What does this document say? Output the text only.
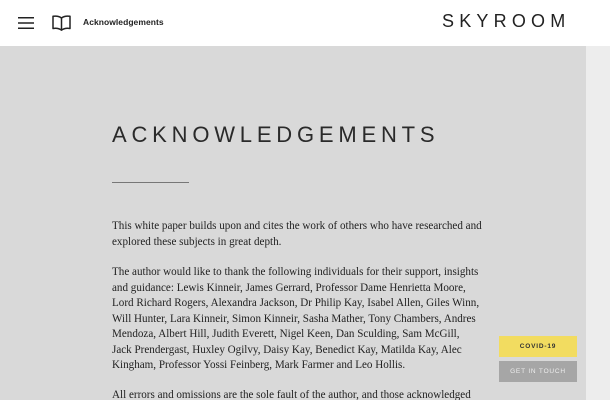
Acknowledgements	SKYROOM
ACKNOWLEDGEMENTS

This white paper builds upon and cites the work of others who have researched and explored these subjects in great depth.

The author would like to thank the following individuals for their support, insights and guidance: Lewis Kinneir, James Gerrard, Professor Dame Henrietta Moore, Lord Richard Rogers, Alexandra Jackson, Dr Philip Kay, Isabel Allen, Giles Winn, Will Hunter, Lara Kinneir, Simon Kinneir, Sasha Mather, Tony Chambers, Andres Mendoza, Albert Hill, Judith Everett, Nigel Keen, Dan Sculding, Sam McGill, Jack Prendergast, Huxley Ogilvy, Daisy Kay, Benedict Kay, Matilda Kay, Alec Kingham, Professor Yossi Feinberg, Mark Farmer and Leo Hollis.

All errors and omissions are the sole fault of the author, and those acknowledged

COVID-19
GET IN TOUCH
